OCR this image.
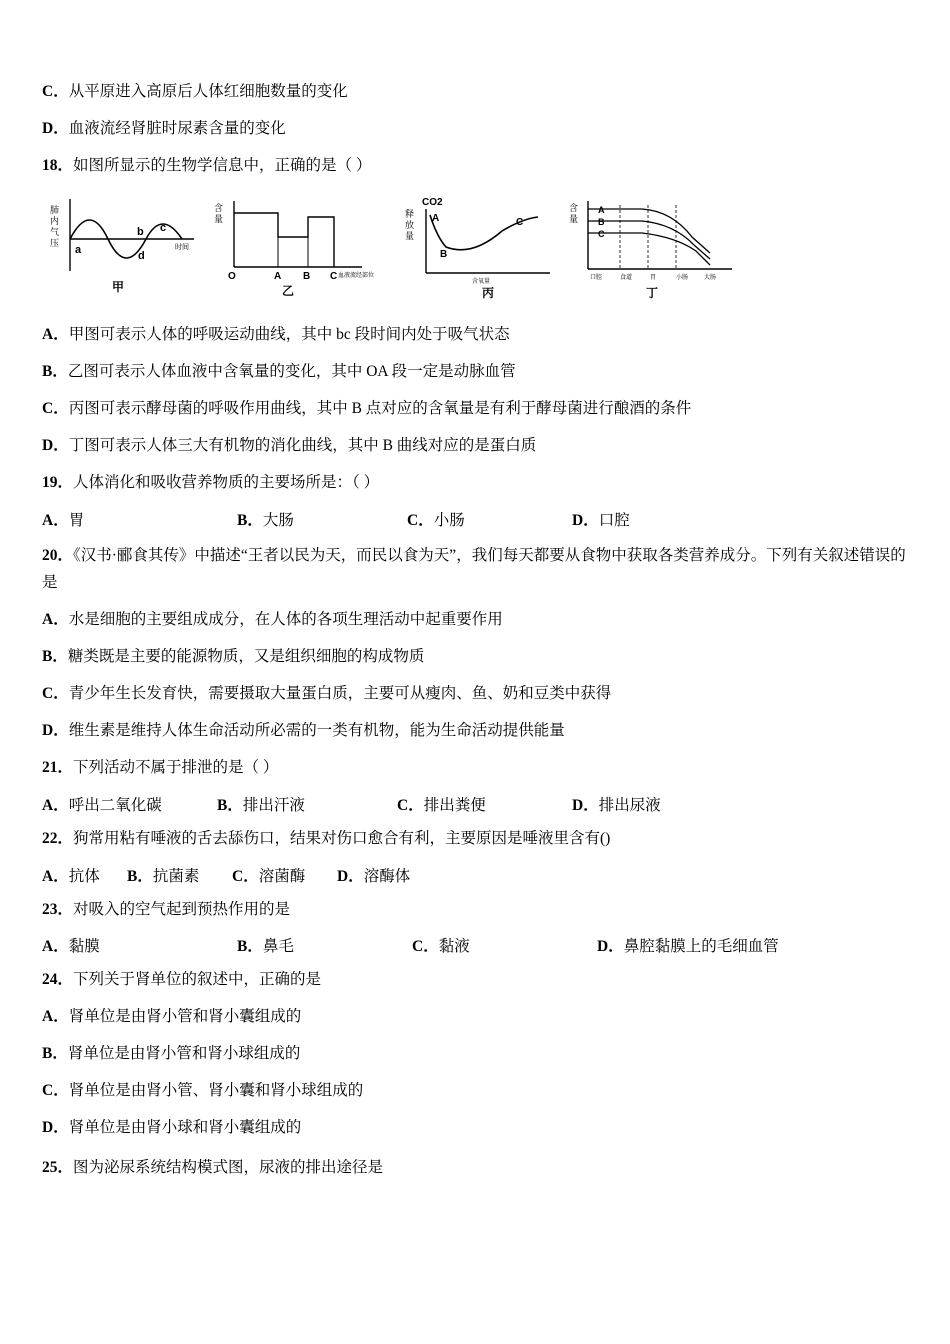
C．从平原进入高原后人体红细胞数量的变化
D．血液流经肾脏时尿素含量的变化
18．如图所显示的生物学信息中，正确的是（ ）
肺
内
气
压
b c
a	d
时间
甲
含
量
O	A B C 血液流经部位
乙
CO2
释
放
量
A
B
C
含氧量
丙
含
量
A
B
C
口腔	食道	胃	小肠	大肠
丁
A．甲图可表示人体的呼吸运动曲线，其中 bc 段时间内处于吸气状态
B．乙图可表示人体血液中含氧量的变化，其中 OA 段一定是动脉血管
C．丙图可表示酵母菌的呼吸作用曲线，其中 B 点对应的含氧量是有利于酵母菌进行酿酒的条件
D．丁图可表示人体三大有机物的消化曲线，其中 B 曲线对应的是蛋白质
19．人体消化和吸收营养物质的主要场所是：（ ）
A．胃	B．大肠	C．小肠	D．口腔
20．《汉书·郦食其传》中描述“王者以民为天，而民以食为天”，我们每天都要从食物中获取各类营养成分。下列有关叙述错误的是
A．水是细胞的主要组成成分，在人体的各项生理活动中起重要作用
B．糖类既是主要的能源物质，又是组织细胞的构成物质
C．青少年生长发育快，需要摄取大量蛋白质，主要可从瘦肉、鱼、奶和豆类中获得
D．维生素是维持人体生命活动所必需的一类有机物，能为生命活动提供能量
21．下列活动不属于排泄的是（ ）
A．呼出二氧化碳	B．排出汗液	C．排出粪便	D．排出尿液
22．狗常用粘有唾液的舌去舔伤口，结果对伤口愈合有利，主要原因是唾液里含有()
A．抗体	B．抗菌素	C．溶菌酶	D．溶酶体
23．对吸入的空气起到预热作用的是
A．黏膜	B．鼻毛	C．黏液	D．鼻腔黏膜上的毛细血管
24．下列关于肾单位的叙述中，正确的是
A．肾单位是由肾小管和肾小囊组成的
B．肾单位是由肾小管和肾小球组成的
C．肾单位是由肾小管、肾小囊和肾小球组成的
D．肾单位是由肾小球和肾小囊组成的
25．图为泌尿系统结构模式图，尿液的排出途径是
